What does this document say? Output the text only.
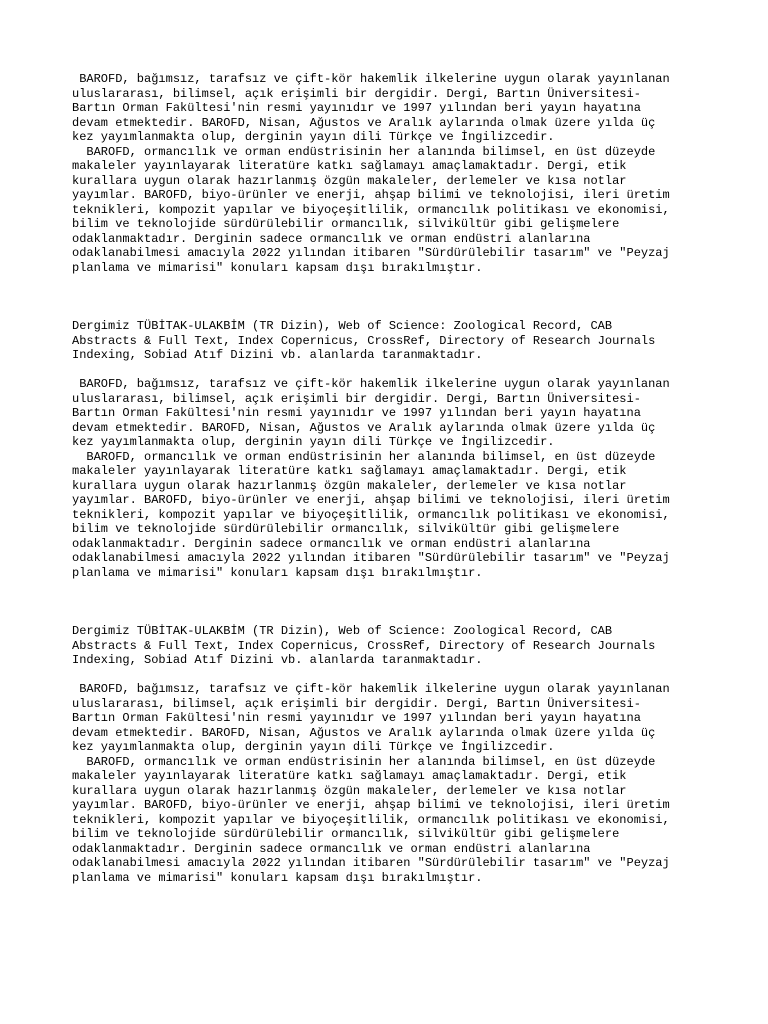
BAROFD, bağımsız, tarafsız ve çift-kör hakemlik ilkelerine uygun olarak yayınlanan
uluslararası, bilimsel, açık erişimli bir dergidir. Dergi, Bartın Üniversitesi-
Bartın Orman Fakültesi'nin resmi yayınıdır ve 1997 yılından beri yayın hayatına
devam etmektedir. BAROFD, Nisan, Ağustos ve Aralık aylarında olmak üzere yılda üç
kez yayımlanmakta olup, derginin yayın dili Türkçe ve İngilizcedir.
BAROFD, ormancılık ve orman endüstrisinin her alanında bilimsel, en üst düzeyde
makaleler yayınlayarak literatüre katkı sağlamayı amaçlamaktadır. Dergi, etik
kurallara uygun olarak hazırlanmış özgün makaleler, derlemeler ve kısa notlar
yayımlar. BAROFD, biyo-ürünler ve enerji, ahşap bilimi ve teknolojisi, ileri üretim
teknikleri, kompozit yapılar ve biyoçeşitlilik, ormancılık politikası ve ekonomisi,
bilim ve teknolojide sürdürülebilir ormancılık, silvikültür gibi gelişmelere
odaklanmaktadır. Derginin sadece ormancılık ve orman endüstri alanlarına
odaklanabilmesi amacıyla 2022 yılından itibaren "Sürdürülebilir tasarım" ve "Peyzaj
planlama ve mimarisi" konuları kapsam dışı bırakılmıştır.
Dergimiz TÜBİTAK-ULAKBİM (TR Dizin), Web of Science: Zoological Record, CAB
Abstracts & Full Text, Index Copernicus, CrossRef, Directory of Research Journals
Indexing, Sobiad Atıf Dizini vb. alanlarda taranmaktadır.
BAROFD, bağımsız, tarafsız ve çift-kör hakemlik ilkelerine uygun olarak yayınlanan
uluslararası, bilimsel, açık erişimli bir dergidir. Dergi, Bartın Üniversitesi-
Bartın Orman Fakültesi'nin resmi yayınıdır ve 1997 yılından beri yayın hayatına
devam etmektedir. BAROFD, Nisan, Ağustos ve Aralık aylarında olmak üzere yılda üç
kez yayımlanmakta olup, derginin yayın dili Türkçe ve İngilizcedir.
BAROFD, ormancılık ve orman endüstrisinin her alanında bilimsel, en üst düzeyde
makaleler yayınlayarak literatüre katkı sağlamayı amaçlamaktadır. Dergi, etik
kurallara uygun olarak hazırlanmış özgün makaleler, derlemeler ve kısa notlar
yayımlar. BAROFD, biyo-ürünler ve enerji, ahşap bilimi ve teknolojisi, ileri üretim
teknikleri, kompozit yapılar ve biyoçeşitlilik, ormancılık politikası ve ekonomisi,
bilim ve teknolojide sürdürülebilir ormancılık, silvikültür gibi gelişmelere
odaklanmaktadır. Derginin sadece ormancılık ve orman endüstri alanlarına
odaklanabilmesi amacıyla 2022 yılından itibaren "Sürdürülebilir tasarım" ve "Peyzaj
planlama ve mimarisi" konuları kapsam dışı bırakılmıştır.
Dergimiz TÜBİTAK-ULAKBİM (TR Dizin), Web of Science: Zoological Record, CAB
Abstracts & Full Text, Index Copernicus, CrossRef, Directory of Research Journals
Indexing, Sobiad Atıf Dizini vb. alanlarda taranmaktadır.
BAROFD, bağımsız, tarafsız ve çift-kör hakemlik ilkelerine uygun olarak yayınlanan
uluslararası, bilimsel, açık erişimli bir dergidir. Dergi, Bartın Üniversitesi-
Bartın Orman Fakültesi'nin resmi yayınıdır ve 1997 yılından beri yayın hayatına
devam etmektedir. BAROFD, Nisan, Ağustos ve Aralık aylarında olmak üzere yılda üç
kez yayımlanmakta olup, derginin yayın dili Türkçe ve İngilizcedir.
BAROFD, ormancılık ve orman endüstrisinin her alanında bilimsel, en üst düzeyde
makaleler yayınlayarak literatüre katkı sağlamayı amaçlamaktadır. Dergi, etik
kurallara uygun olarak hazırlanmış özgün makaleler, derlemeler ve kısa notlar
yayımlar. BAROFD, biyo-ürünler ve enerji, ahşap bilimi ve teknolojisi, ileri üretim
teknikleri, kompozit yapılar ve biyoçeşitlilik, ormancılık politikası ve ekonomisi,
bilim ve teknolojide sürdürülebilir ormancılık, silvikültür gibi gelişmelere
odaklanmaktadır. Derginin sadece ormancılık ve orman endüstri alanlarına
odaklanabilmesi amacıyla 2022 yılından itibaren "Sürdürülebilir tasarım" ve "Peyzaj
planlama ve mimarisi" konuları kapsam dışı bırakılmıştır.
